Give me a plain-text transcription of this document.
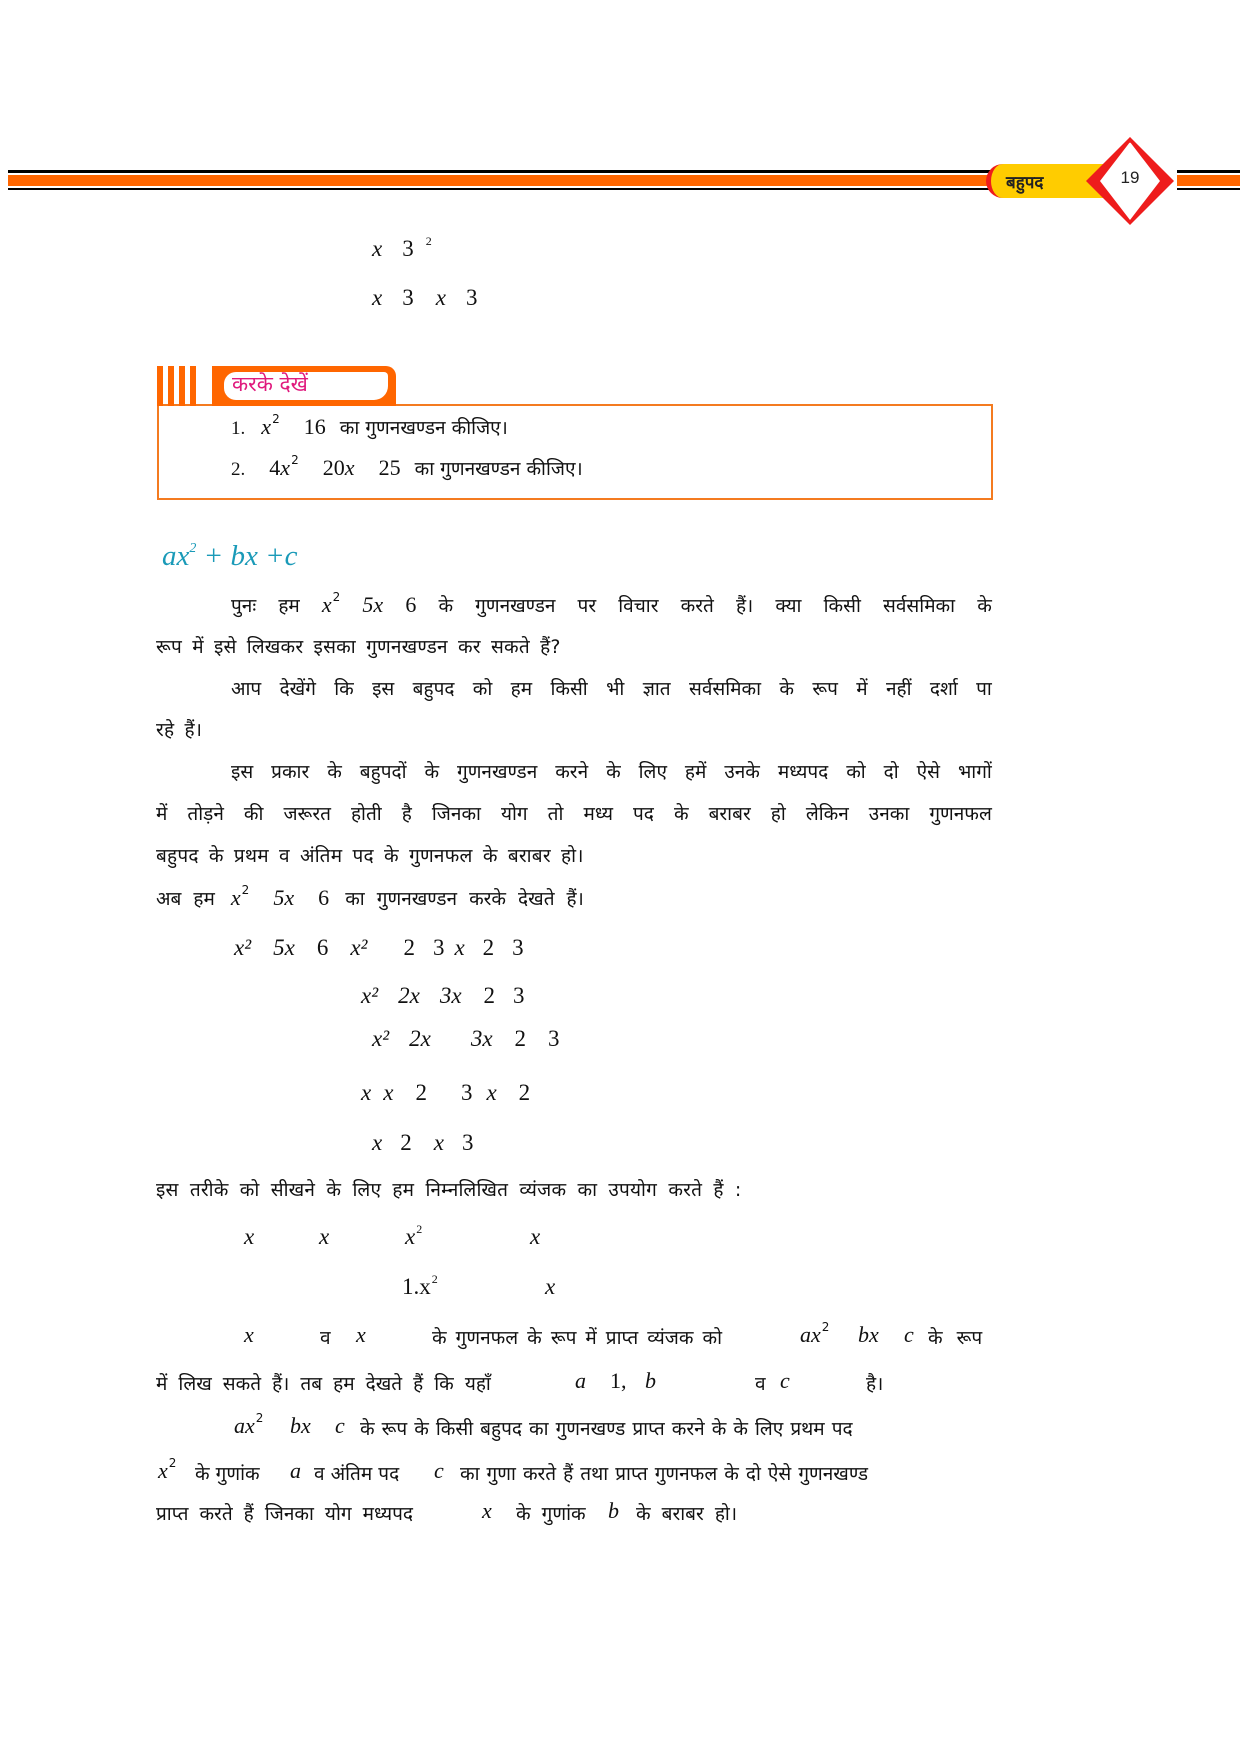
बहुपद	19
x 3 $^2$
x 3 x 3
करके देखें
1. $x^2$ 16 का गुणनखण्डन कीजिए।
2. $4x^2$ 20x 25 का गुणनखण्डन कीजिए।
$ax^2$ + bx +c
पुनः हम x2 5x 6 के गुणनखण्डन पर विचार करते हैं। क्या किसी सर्वसमिका के
रूप में इसे लिखकर इसका गुणनखण्डन कर सकते हैं?
आप देखेंगे कि इस बहुपद को हम किसी भी ज्ञात सर्वसमिका के रूप में नहीं दर्शा पा
रहे हैं।
इस प्रकार के बहुपदों के गुणनखण्डन करने के लिए हमें उनके मध्यपद को दो ऐसे भागों
में तोड़ने की जरूरत होती है जिनका योग तो मध्य पद के बराबर हो लेकिन उनका गुणनफल
बहुपद के प्रथम व अंतिम पद के गुणनफल के बराबर हो।
अब हम $x^2$ 5x 6 का गुणनखण्डन करके देखते हैं।
x² 5x 6 x² 2 3 x 2 3
x² 2x 3x 2 3
x² 2x 3x 2 3
x x 2 3 x 2
x 2 x 3
इस तरीके को सीखने के लिए हम निम्नलिखित व्यंजक का उपयोग करते हैं :
x	x	$x^2$	x
$1.x^2$	x
x	व x	के गुणनफल के रूप में प्राप्त व्यंजक को	$ax^2$ bx c के रूप
में लिख सकते हैं। तब हम देखते हैं कि यहाँ	a 1, b	व c	है।
$ax^2$ bx c के रूप के किसी बहुपद का गुणनखण्ड प्राप्त करने के के लिए प्रथम पद
$x^2$ के गुणांक a व अंतिम पद c का गुणा करते हैं तथा प्राप्त गुणनफल के दो ऐसे गुणनखण्ड
प्राप्त करते हैं जिनका योग मध्यपद	x के गुणांक b के बराबर हो।
